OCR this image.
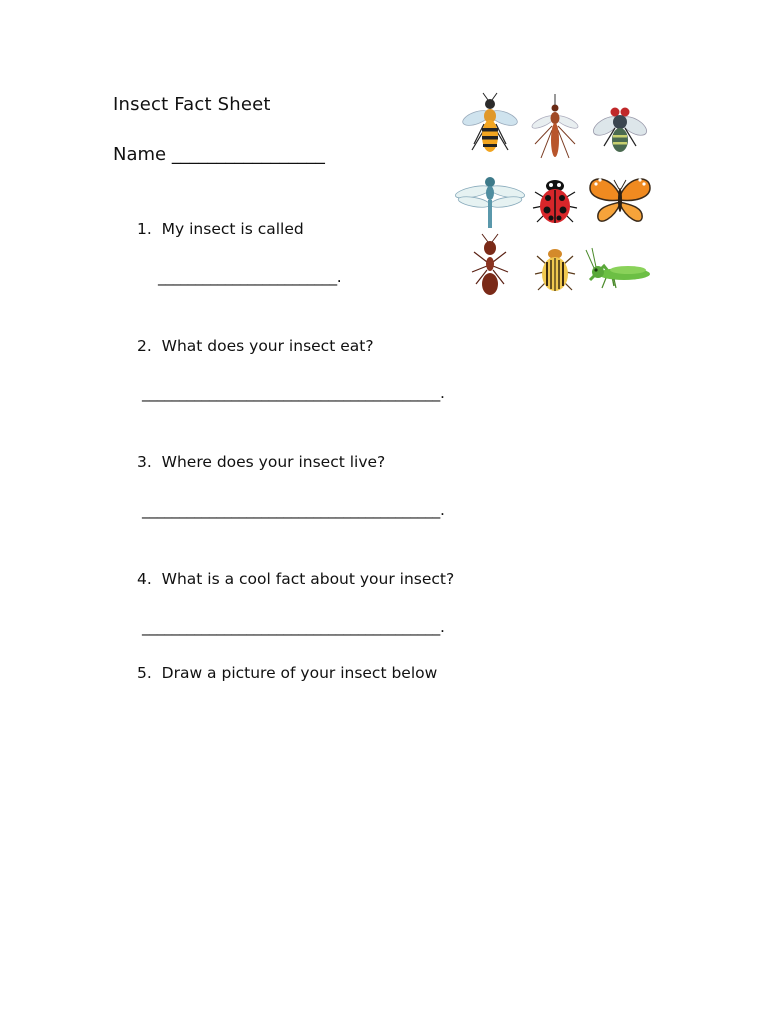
Insect Fact Sheet
Name _________________
1.  My insect is called
________________________.
2.  What does your insect eat?
________________________________________.
3.  Where does your insect live?
________________________________________.
4.  What is a cool fact about your insect?
________________________________________.
5.  Draw a picture of your insect below
